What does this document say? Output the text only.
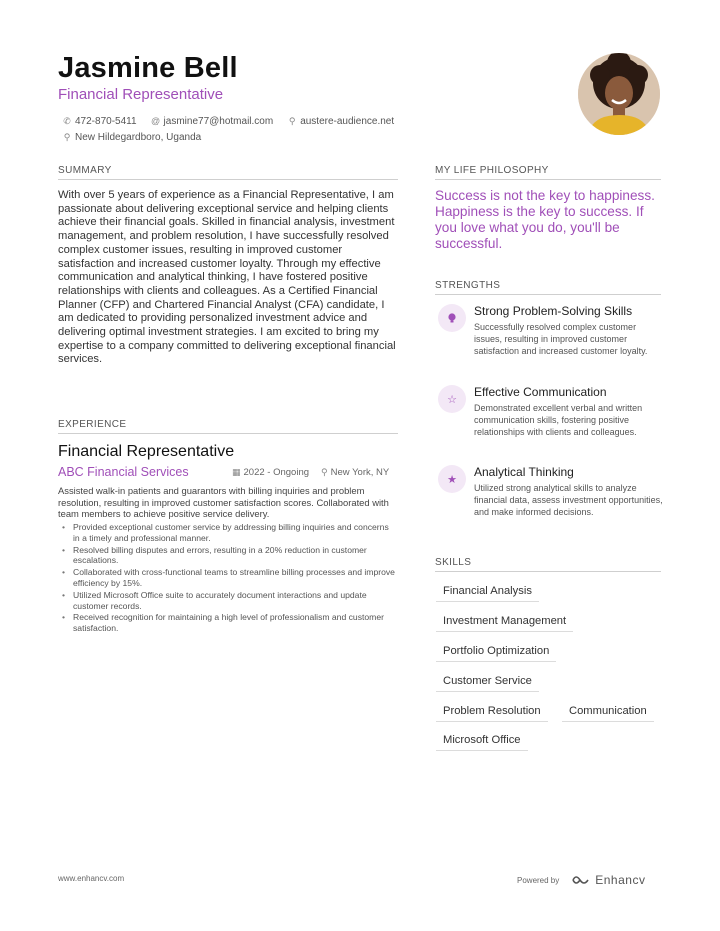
Jasmine Bell
Financial Representative
✆ 472-870-5411 @ jasmine77@hotmail.com ⚲ austere-audience.net
⚲ New Hildegardboro, Uganda
SUMMARY
With over 5 years of experience as a Financial Representative, I am passionate about delivering exceptional service and helping clients achieve their financial goals. Skilled in financial analysis, investment management, and problem resolution, I have successfully resolved complex customer issues, resulting in improved customer satisfaction and increased customer loyalty. Through my effective communication and analytical thinking, I have fostered positive relationships with clients and colleagues. As a Certified Financial Planner (CFP) and Chartered Financial Analyst (CFA) candidate, I am dedicated to providing personalized investment advice and delivering optimal investment strategies. I am excited to bring my expertise to a company committed to delivering exceptional financial services.
EXPERIENCE
Financial Representative
ABC Financial Services	▦ 2022 - Ongoing ⚲ New York, NY
Assisted walk-in patients and guarantors with billing inquiries and problem resolution, resulting in improved customer satisfaction scores. Collaborated with team members to achieve positive service delivery.
• Provided exceptional customer service by addressing billing inquiries and concerns in a timely and professional manner.
• Resolved billing disputes and errors, resulting in a 20% reduction in customer escalations.
• Collaborated with cross-functional teams to streamline billing processes and improve efficiency by 15%.
• Utilized Microsoft Office suite to accurately document interactions and update customer records.
• Received recognition for maintaining a high level of professionalism and customer satisfaction.
MY LIFE PHILOSOPHY
Success is not the key to happiness. Happiness is the key to success. If you love what you do, you'll be successful.
STRENGTHS
Strong Problem-Solving Skills
Successfully resolved complex customer issues, resulting in improved customer satisfaction and increased customer loyalty.
☆
Effective Communication
Demonstrated excellent verbal and written communication skills, fostering positive relationships with clients and colleagues.
★
Analytical Thinking
Utilized strong analytical skills to analyze financial data, assess investment opportunities, and make informed decisions.
SKILLS
Financial Analysis
Investment Management
Portfolio Optimization
Customer Service
Problem Resolution	Communication
Microsoft Office
www.enhancv.com	Powered by	Enhancv
